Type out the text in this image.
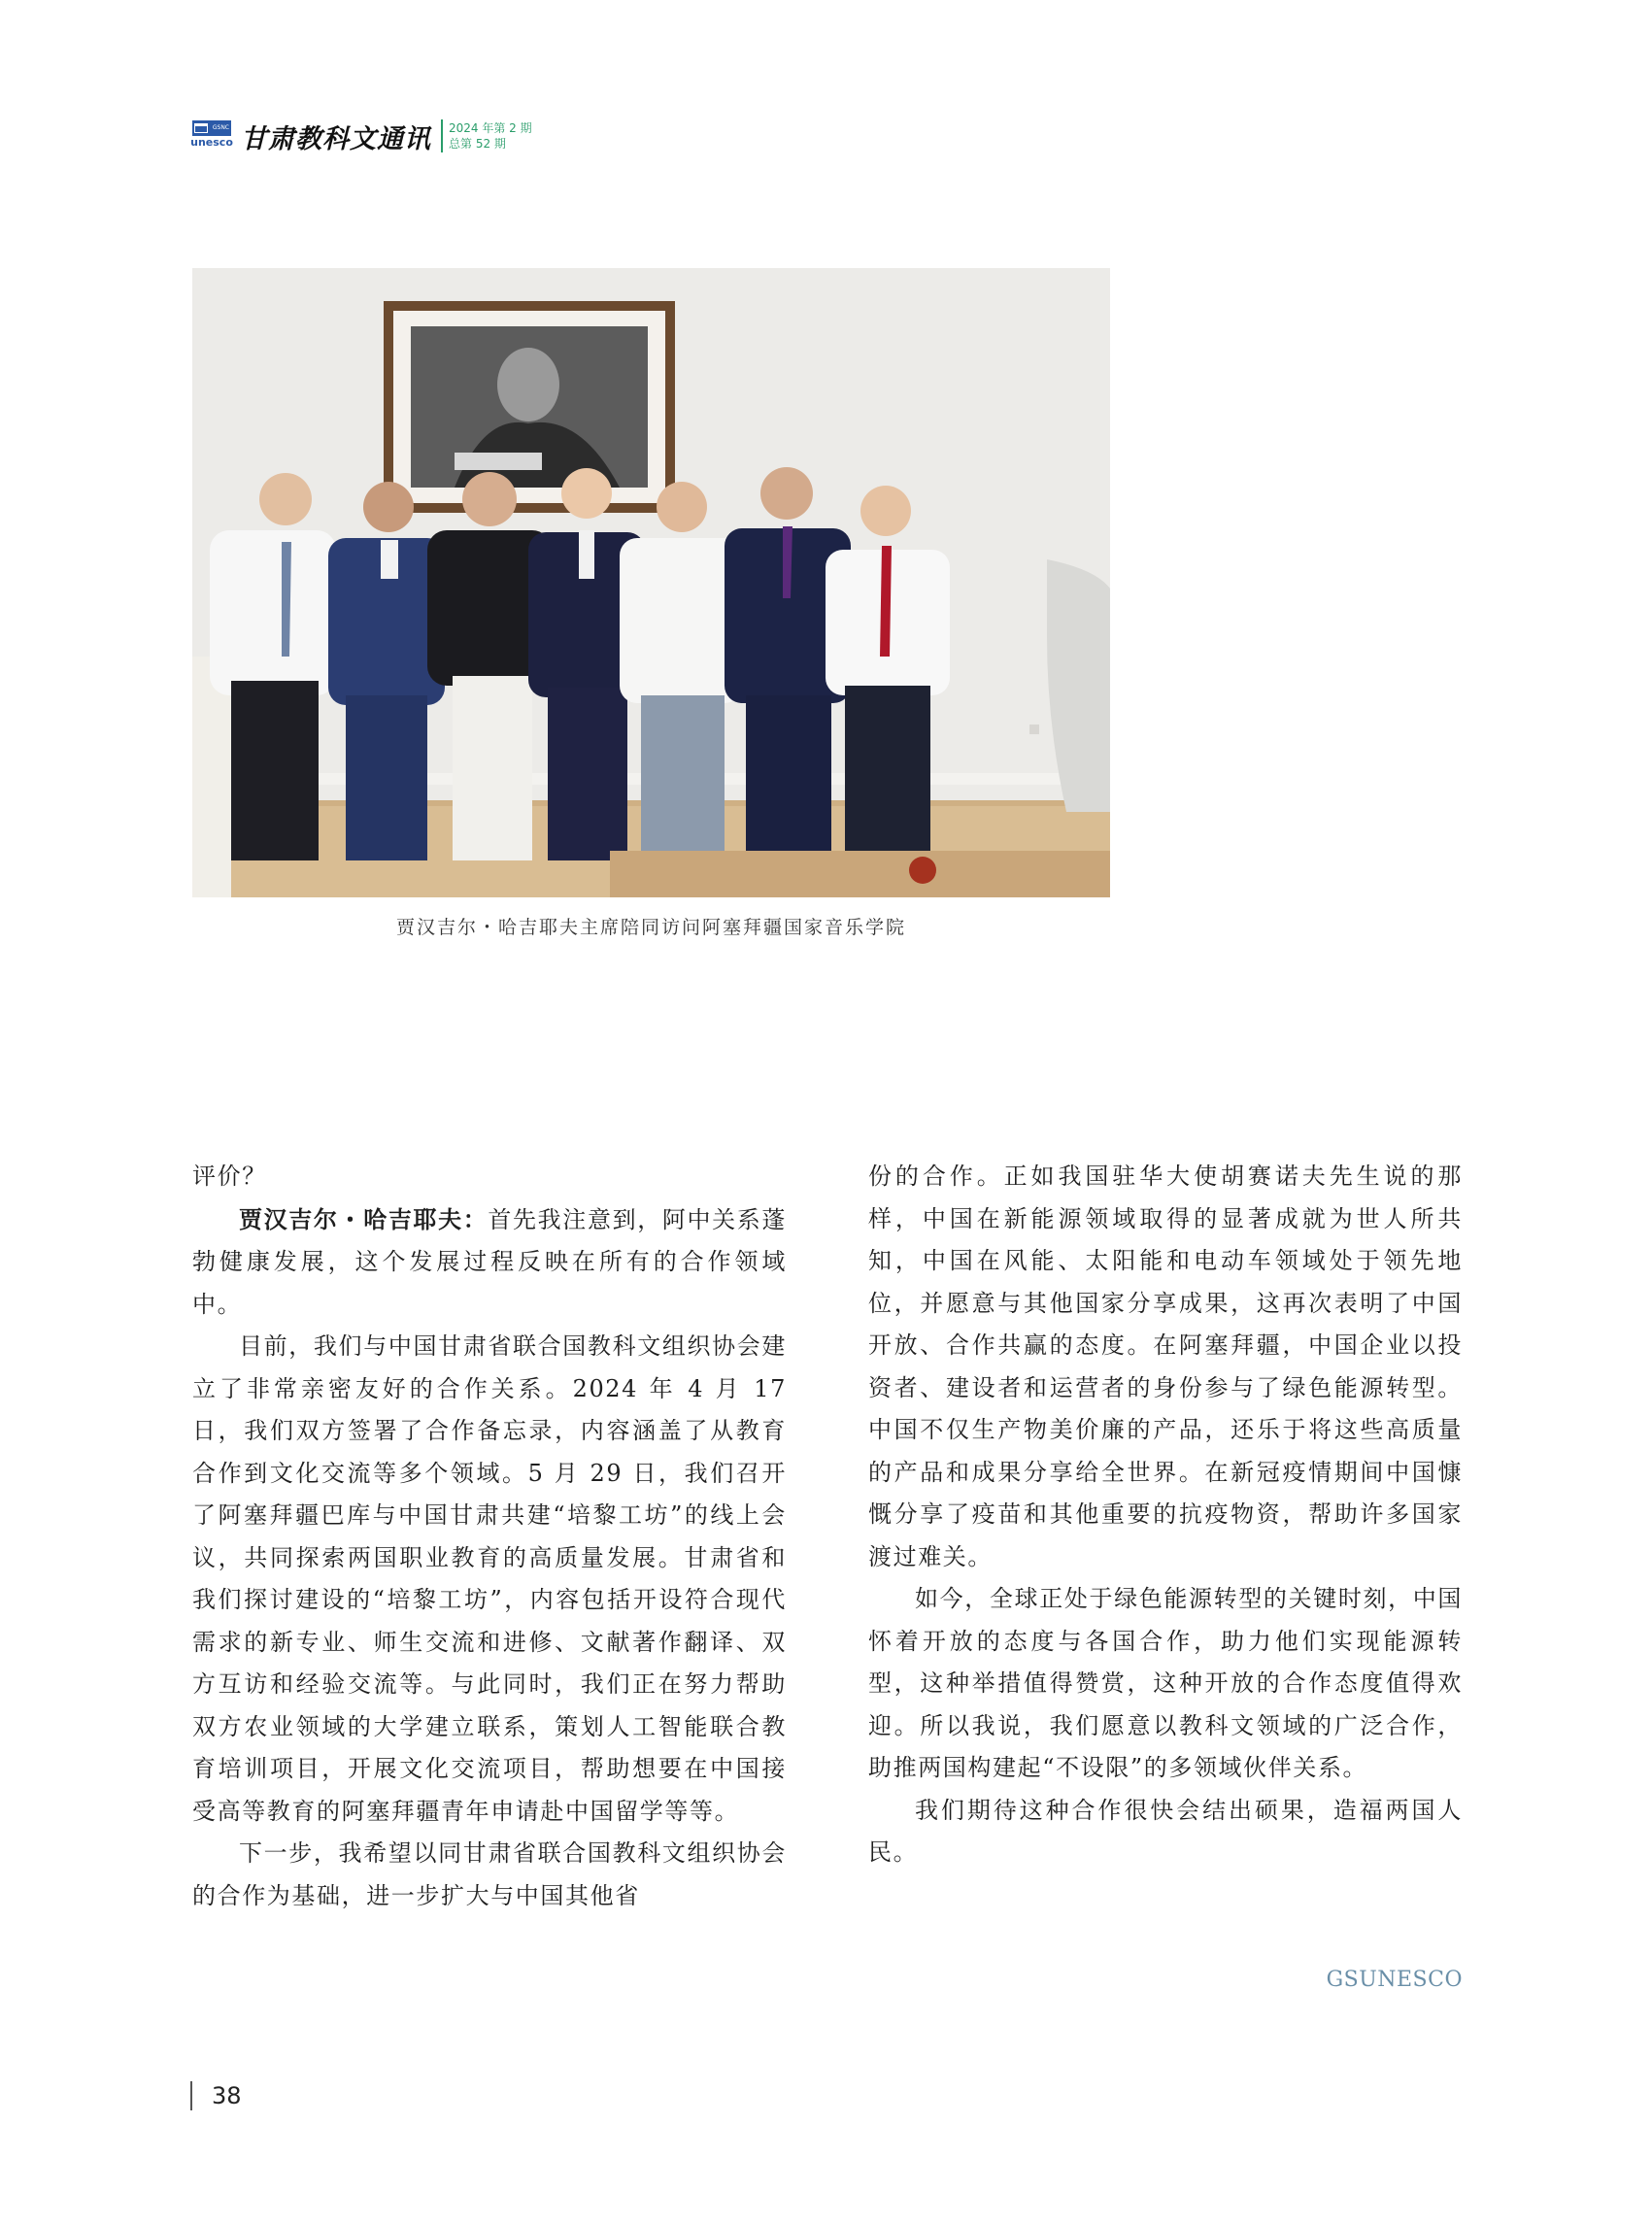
GSNC
unesco 甘肃教科文通讯 2024 年第 2 期
总第 52 期
贾汉吉尔・哈吉耶夫主席陪同访问阿塞拜疆国家音乐学院

评价？

贾汉吉尔・哈吉耶夫：首先我注意到，阿中关系蓬勃健康发展，这个发展过程反映在所有的合作领域中。

目前，我们与中国甘肃省联合国教科文组织协会建立了非常亲密友好的合作关系。2024 年 4 月 17 日，我们双方签署了合作备忘录，内容涵盖了从教育合作到文化交流等多个领域。5 月 29 日，我们召开了阿塞拜疆巴库与中国甘肃共建“培黎工坊”的线上会议，共同探索两国职业教育的高质量发展。甘肃省和我们探讨建设的“培黎工坊”，内容包括开设符合现代需求的新专业、师生交流和进修、文献著作翻译、双方互访和经验交流等。与此同时，我们正在努力帮助双方农业领域的大学建立联系，策划人工智能联合教育培训项目，开展文化交流项目，帮助想要在中国接受高等教育的阿塞拜疆青年申请赴中国留学等等。

下一步，我希望以同甘肃省联合国教科文组织协会的合作为基础，进一步扩大与中国其他省

份的合作。正如我国驻华大使胡赛诺夫先生说的那样，中国在新能源领域取得的显著成就为世人所共知，中国在风能、太阳能和电动车领域处于领先地位，并愿意与其他国家分享成果，这再次表明了中国开放、合作共赢的态度。在阿塞拜疆，中国企业以投资者、建设者和运营者的身份参与了绿色能源转型。中国不仅生产物美价廉的产品，还乐于将这些高质量的产品和成果分享给全世界。在新冠疫情期间中国慷慨分享了疫苗和其他重要的抗疫物资，帮助许多国家渡过难关。

如今，全球正处于绿色能源转型的关键时刻，中国怀着开放的态度与各国合作，助力他们实现能源转型，这种举措值得赞赏，这种开放的合作态度值得欢迎。所以我说，我们愿意以教科文领域的广泛合作，助推两国构建起“不设限”的多领域伙伴关系。

我们期待这种合作很快会结出硕果，造福两国人民。

GSUNESCO
38
